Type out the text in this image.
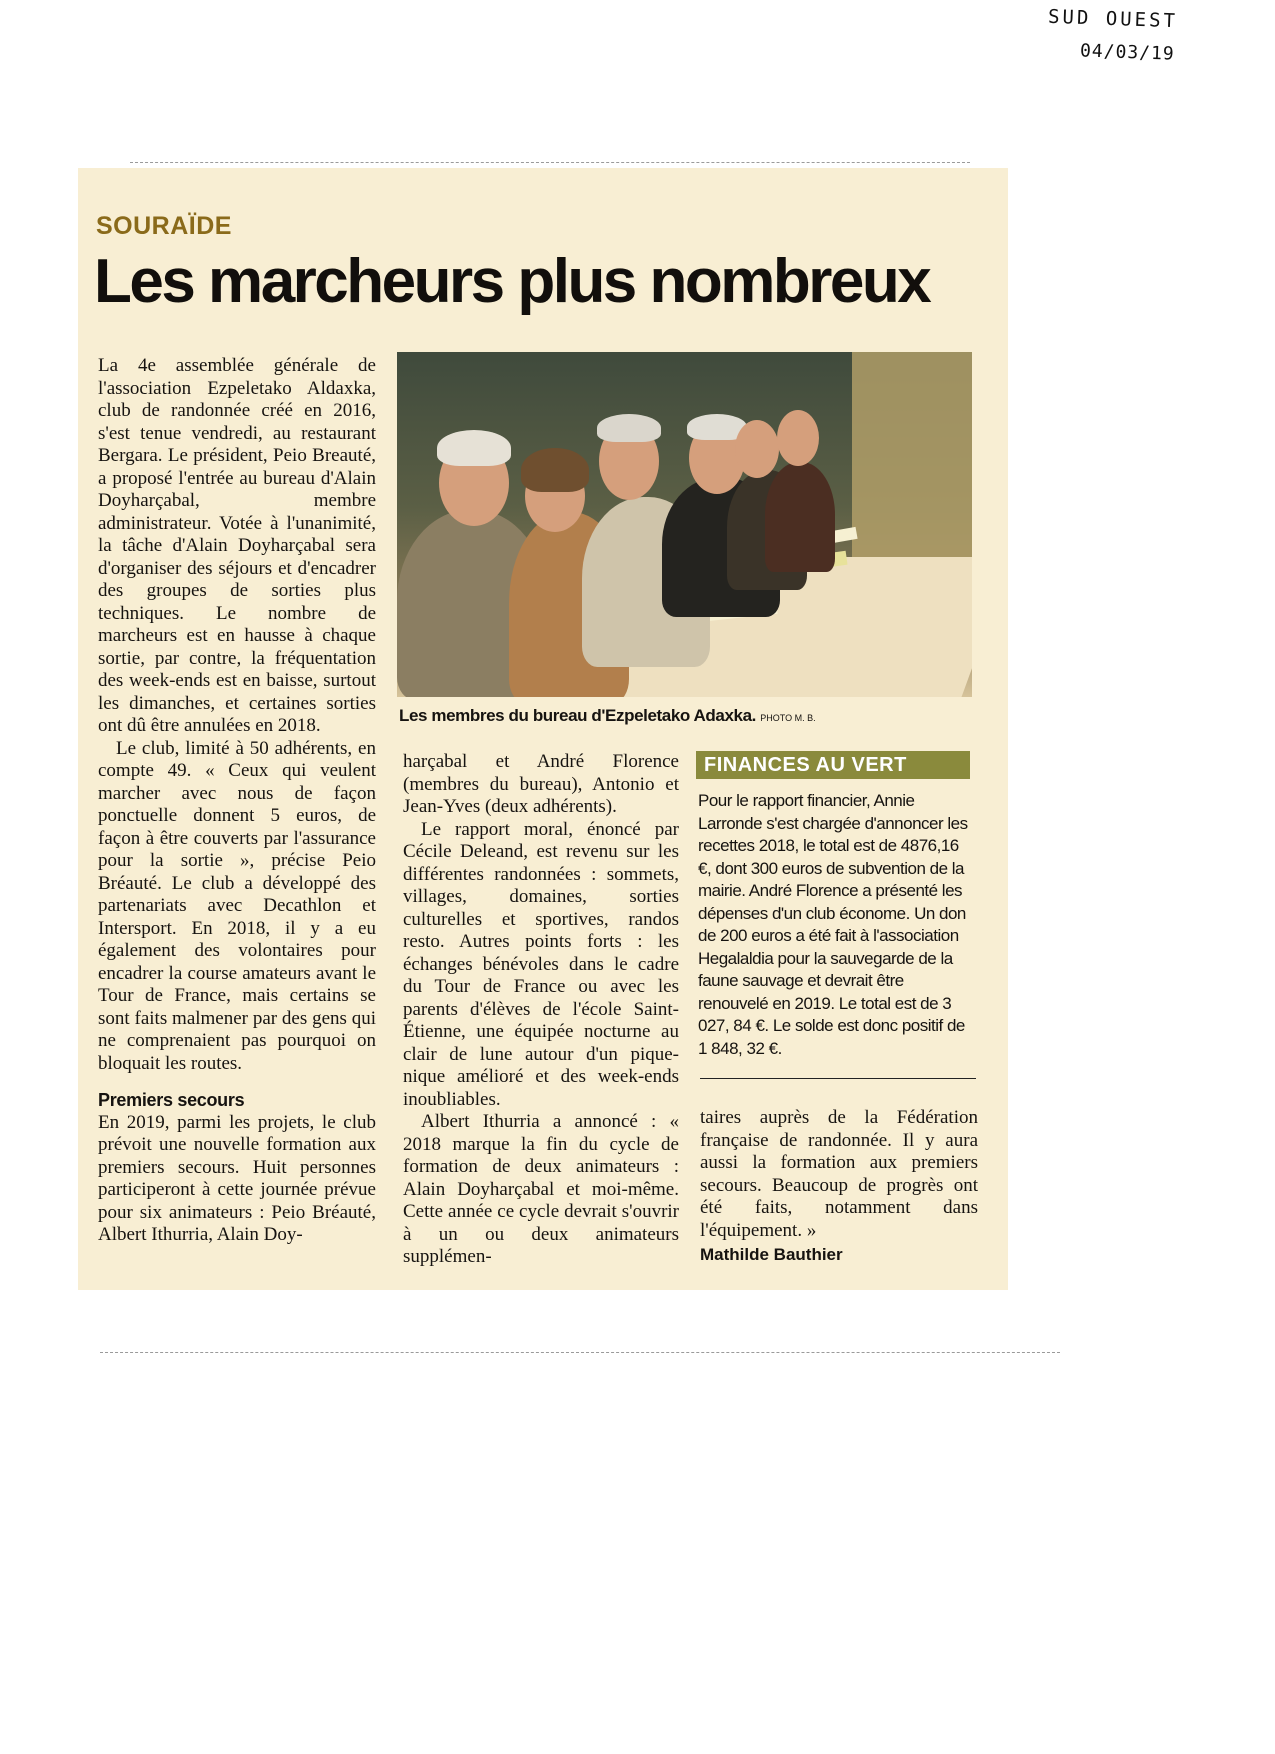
SUD OUEST
04/03/19
SOURAÏDE
Les marcheurs plus nombreux

La 4e assemblée générale de l'association Ezpeletako Aldaxka, club de randonnée créé en 2016, s'est tenue vendredi, au restaurant Bergara. Le président, Peio Breauté, a proposé l'entrée au bureau d'Alain Doyharçabal, membre administrateur. Votée à l'unanimité, la tâche d'Alain Doyharçabal sera d'organiser des séjours et d'encadrer des groupes de sorties plus techniques. Le nombre de marcheurs est en hausse à chaque sortie, par contre, la fréquentation des week-ends est en baisse, surtout les dimanches, et certaines sorties ont dû être annulées en 2018.

Le club, limité à 50 adhérents, en compte 49. « Ceux qui veulent marcher avec nous de façon ponctuelle donnent 5 euros, de façon à être couverts par l'assurance pour la sortie », précise Peio Bréauté. Le club a développé des partenariats avec Decathlon et Intersport. En 2018, il y a eu également des volontaires pour encadrer la course amateurs avant le Tour de France, mais certains se sont faits malmener par des gens qui ne comprenaient pas pourquoi on bloquait les routes.

Premiers secours

En 2019, parmi les projets, le club prévoit une nouvelle formation aux premiers secours. Huit personnes participeront à cette journée prévue pour six animateurs : Peio Bréauté, Albert Ithurria, Alain Doy-

Les membres du bureau d'Ezpeletako Adaxka. PHOTO M. B.

harçabal et André Florence (membres du bureau), Antonio et Jean-Yves (deux adhérents).

Le rapport moral, énoncé par Cécile Deleand, est revenu sur les différentes randonnées : sommets, villages, domaines, sorties culturelles et sportives, randos resto. Autres points forts : les échanges bénévoles dans le cadre du Tour de France ou avec les parents d'élèves de l'école Saint-Étienne, une équipée nocturne au clair de lune autour d'un pique-nique amélioré et des week-ends inoubliables.

Albert Ithurria a annoncé : « 2018 marque la fin du cycle de formation de deux animateurs : Alain Doyharçabal et moi-même. Cette année ce cycle devrait s'ouvrir à un ou deux animateurs supplémen-

FINANCES AU VERT
Pour le rapport financier, Annie Larronde s'est chargée d'annoncer les recettes 2018, le total est de 4876,16 €, dont 300 euros de subvention de la mairie. André Florence a présenté les dépenses d'un club économe. Un don de 200 euros a été fait à l'association Hegalaldia pour la sauvegarde de la faune sauvage et devrait être renouvelé en 2019. Le total est de 3 027, 84 €. Le solde est donc positif de 1 848, 32 €.

taires auprès de la Fédération française de randonnée. Il y aura aussi la formation aux premiers secours. Beaucoup de progrès ont été faits, notamment dans l'équipement. »

Mathilde Bauthier
